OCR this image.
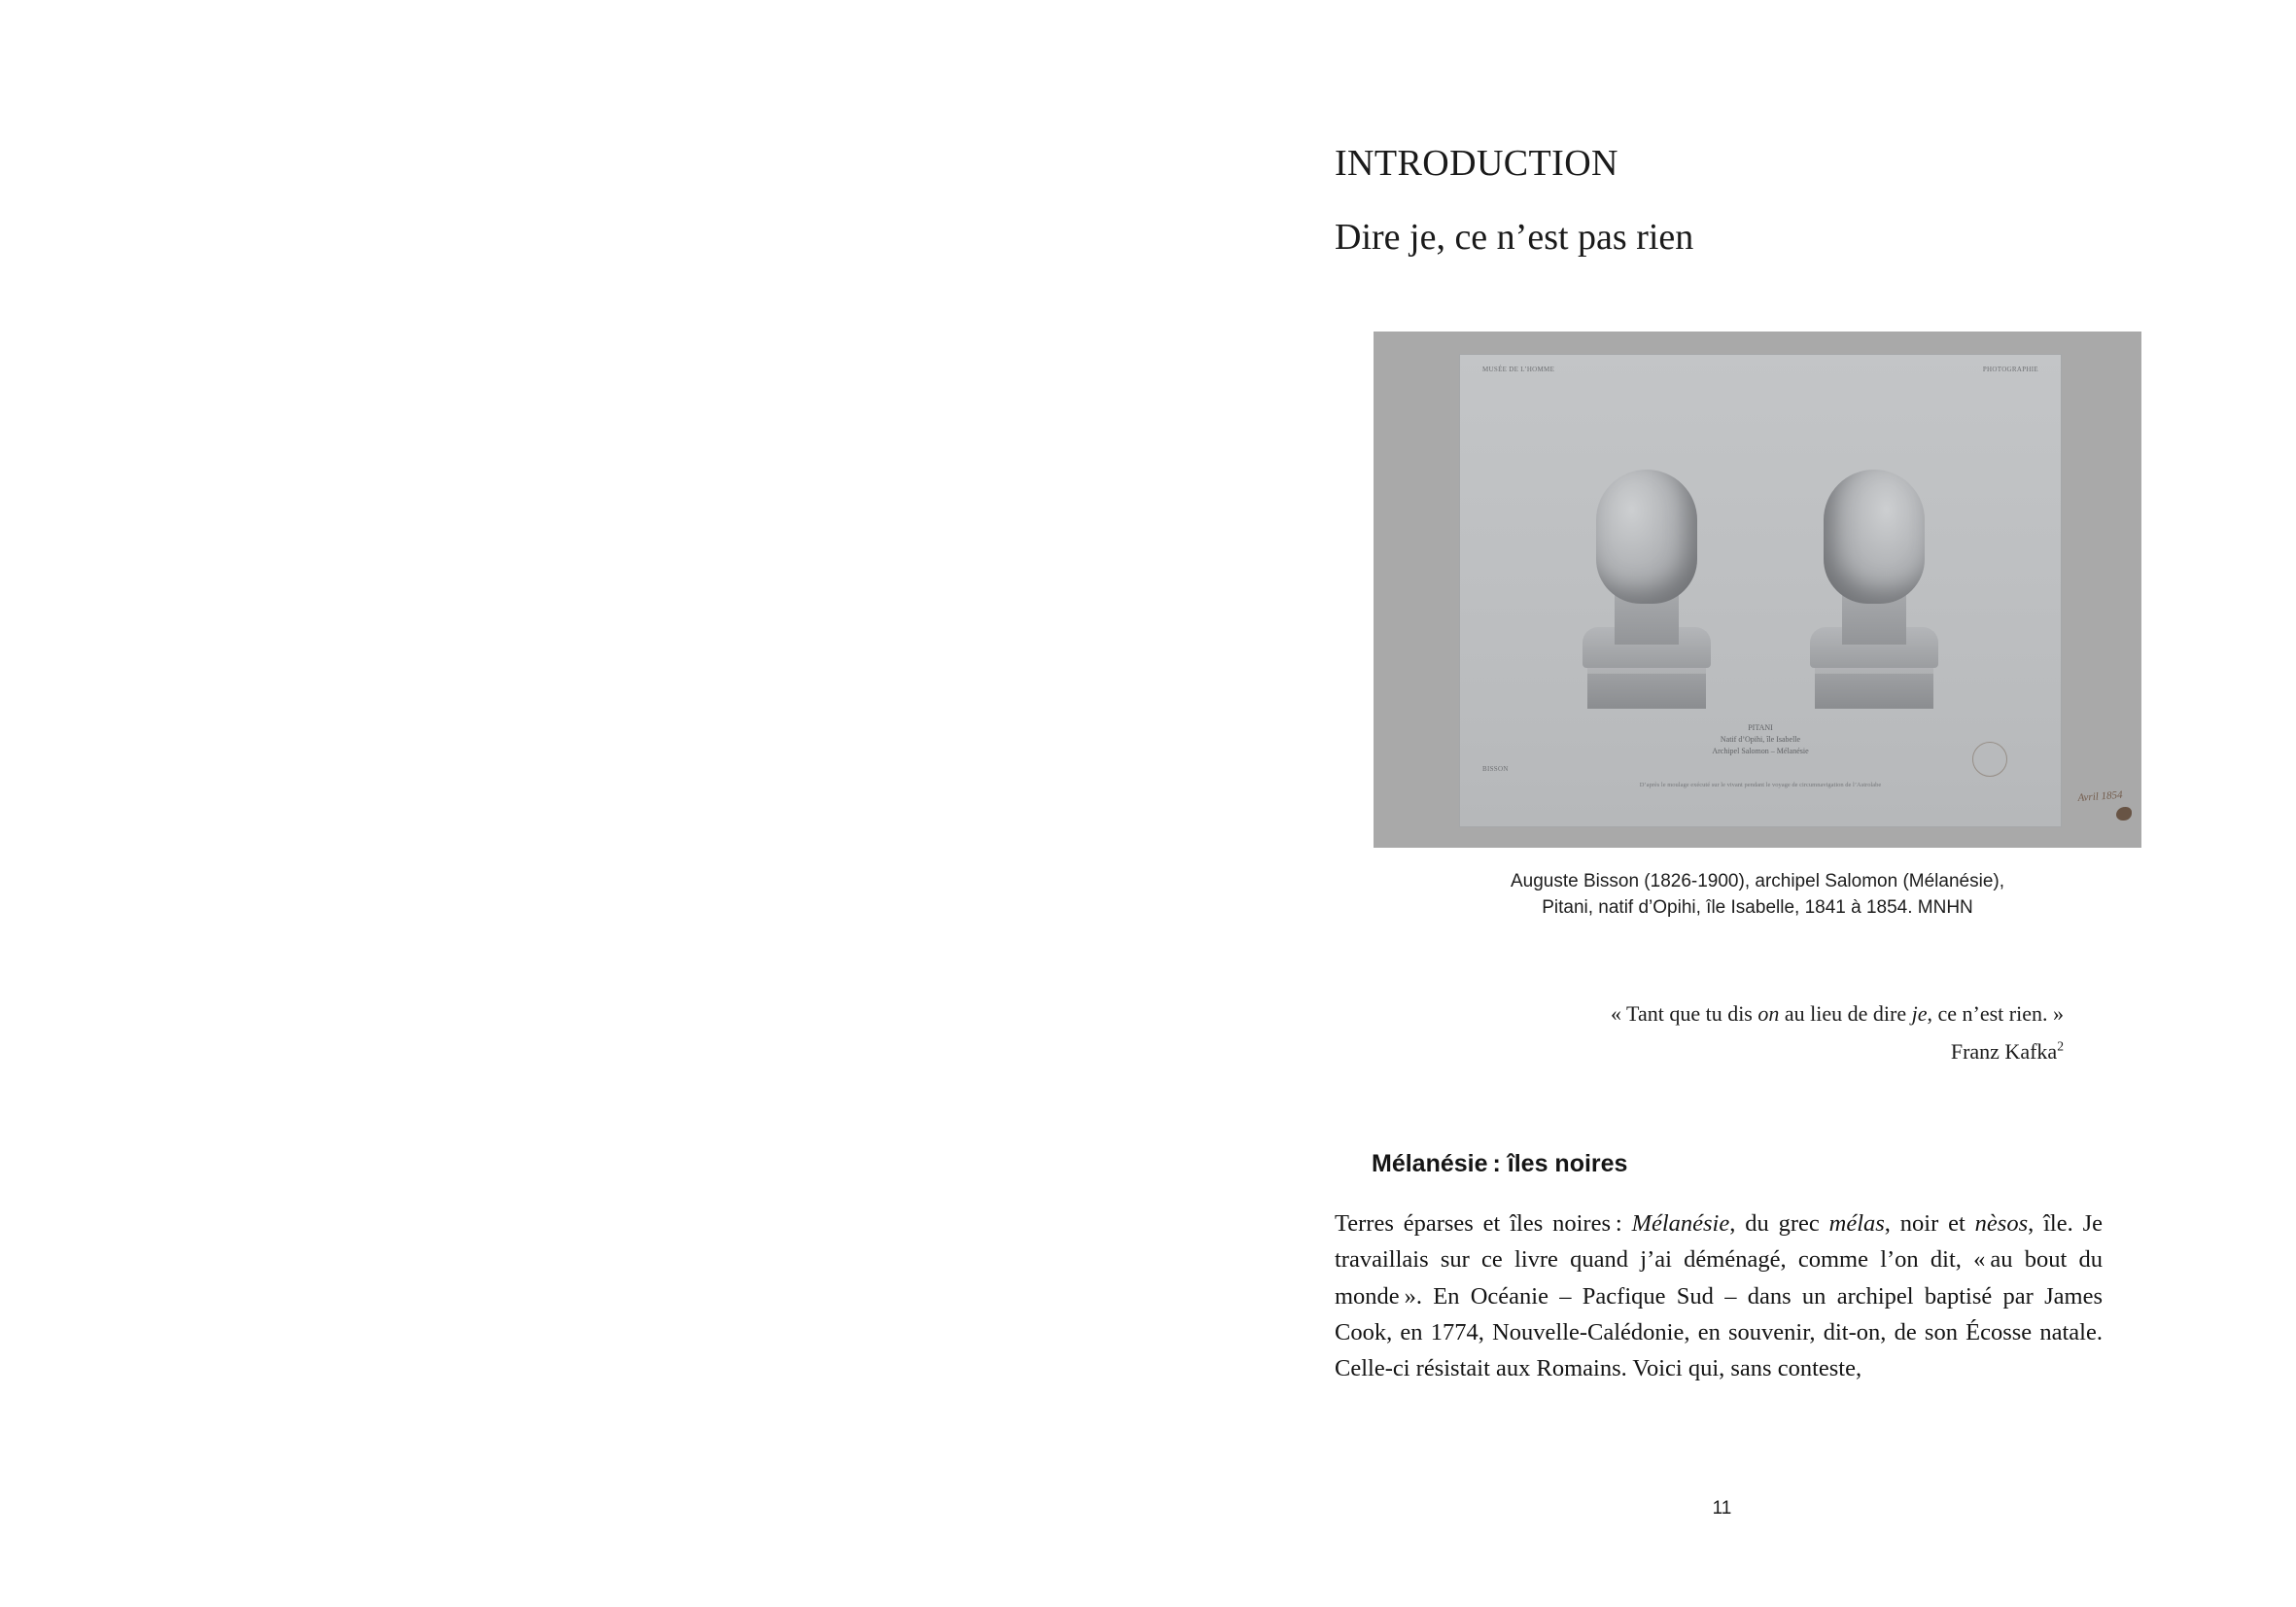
INTRODUCTION
Dire je, ce n’est pas rien
MUSÉE DE L’HOMME	PHOTOGRAPHIE
BISSON
PITANI
Natif d’Opihi, île Isabelle
Archipel Salomon – Mélanésie
D’après le moulage exécuté sur le vivant pendant le voyage de circumnavigation de l’Astrolabe
Avril 1854
Auguste Bisson (1826-1900), archipel Salomon (Mélanésie),
Pitani, natif d’Opihi, île Isabelle, 1841 à 1854. MNHN
« Tant que tu dis on au lieu de dire je, ce n’est rien. »
Franz Kafka$^2$
Mélanésie : îles noires

Terres éparses et îles noires : Mélanésie, du grec mélas, noir et nèsos, île. Je travaillais sur ce livre quand j’ai déménagé, comme l’on dit, « au bout du monde ». En Océanie – Pacfique Sud – dans un archipel baptisé par James Cook, en 1774, Nouvelle-Calédonie, en souvenir, dit-on, de son Écosse natale. Celle-ci résistait aux Romains. Voici qui, sans conteste,

11
